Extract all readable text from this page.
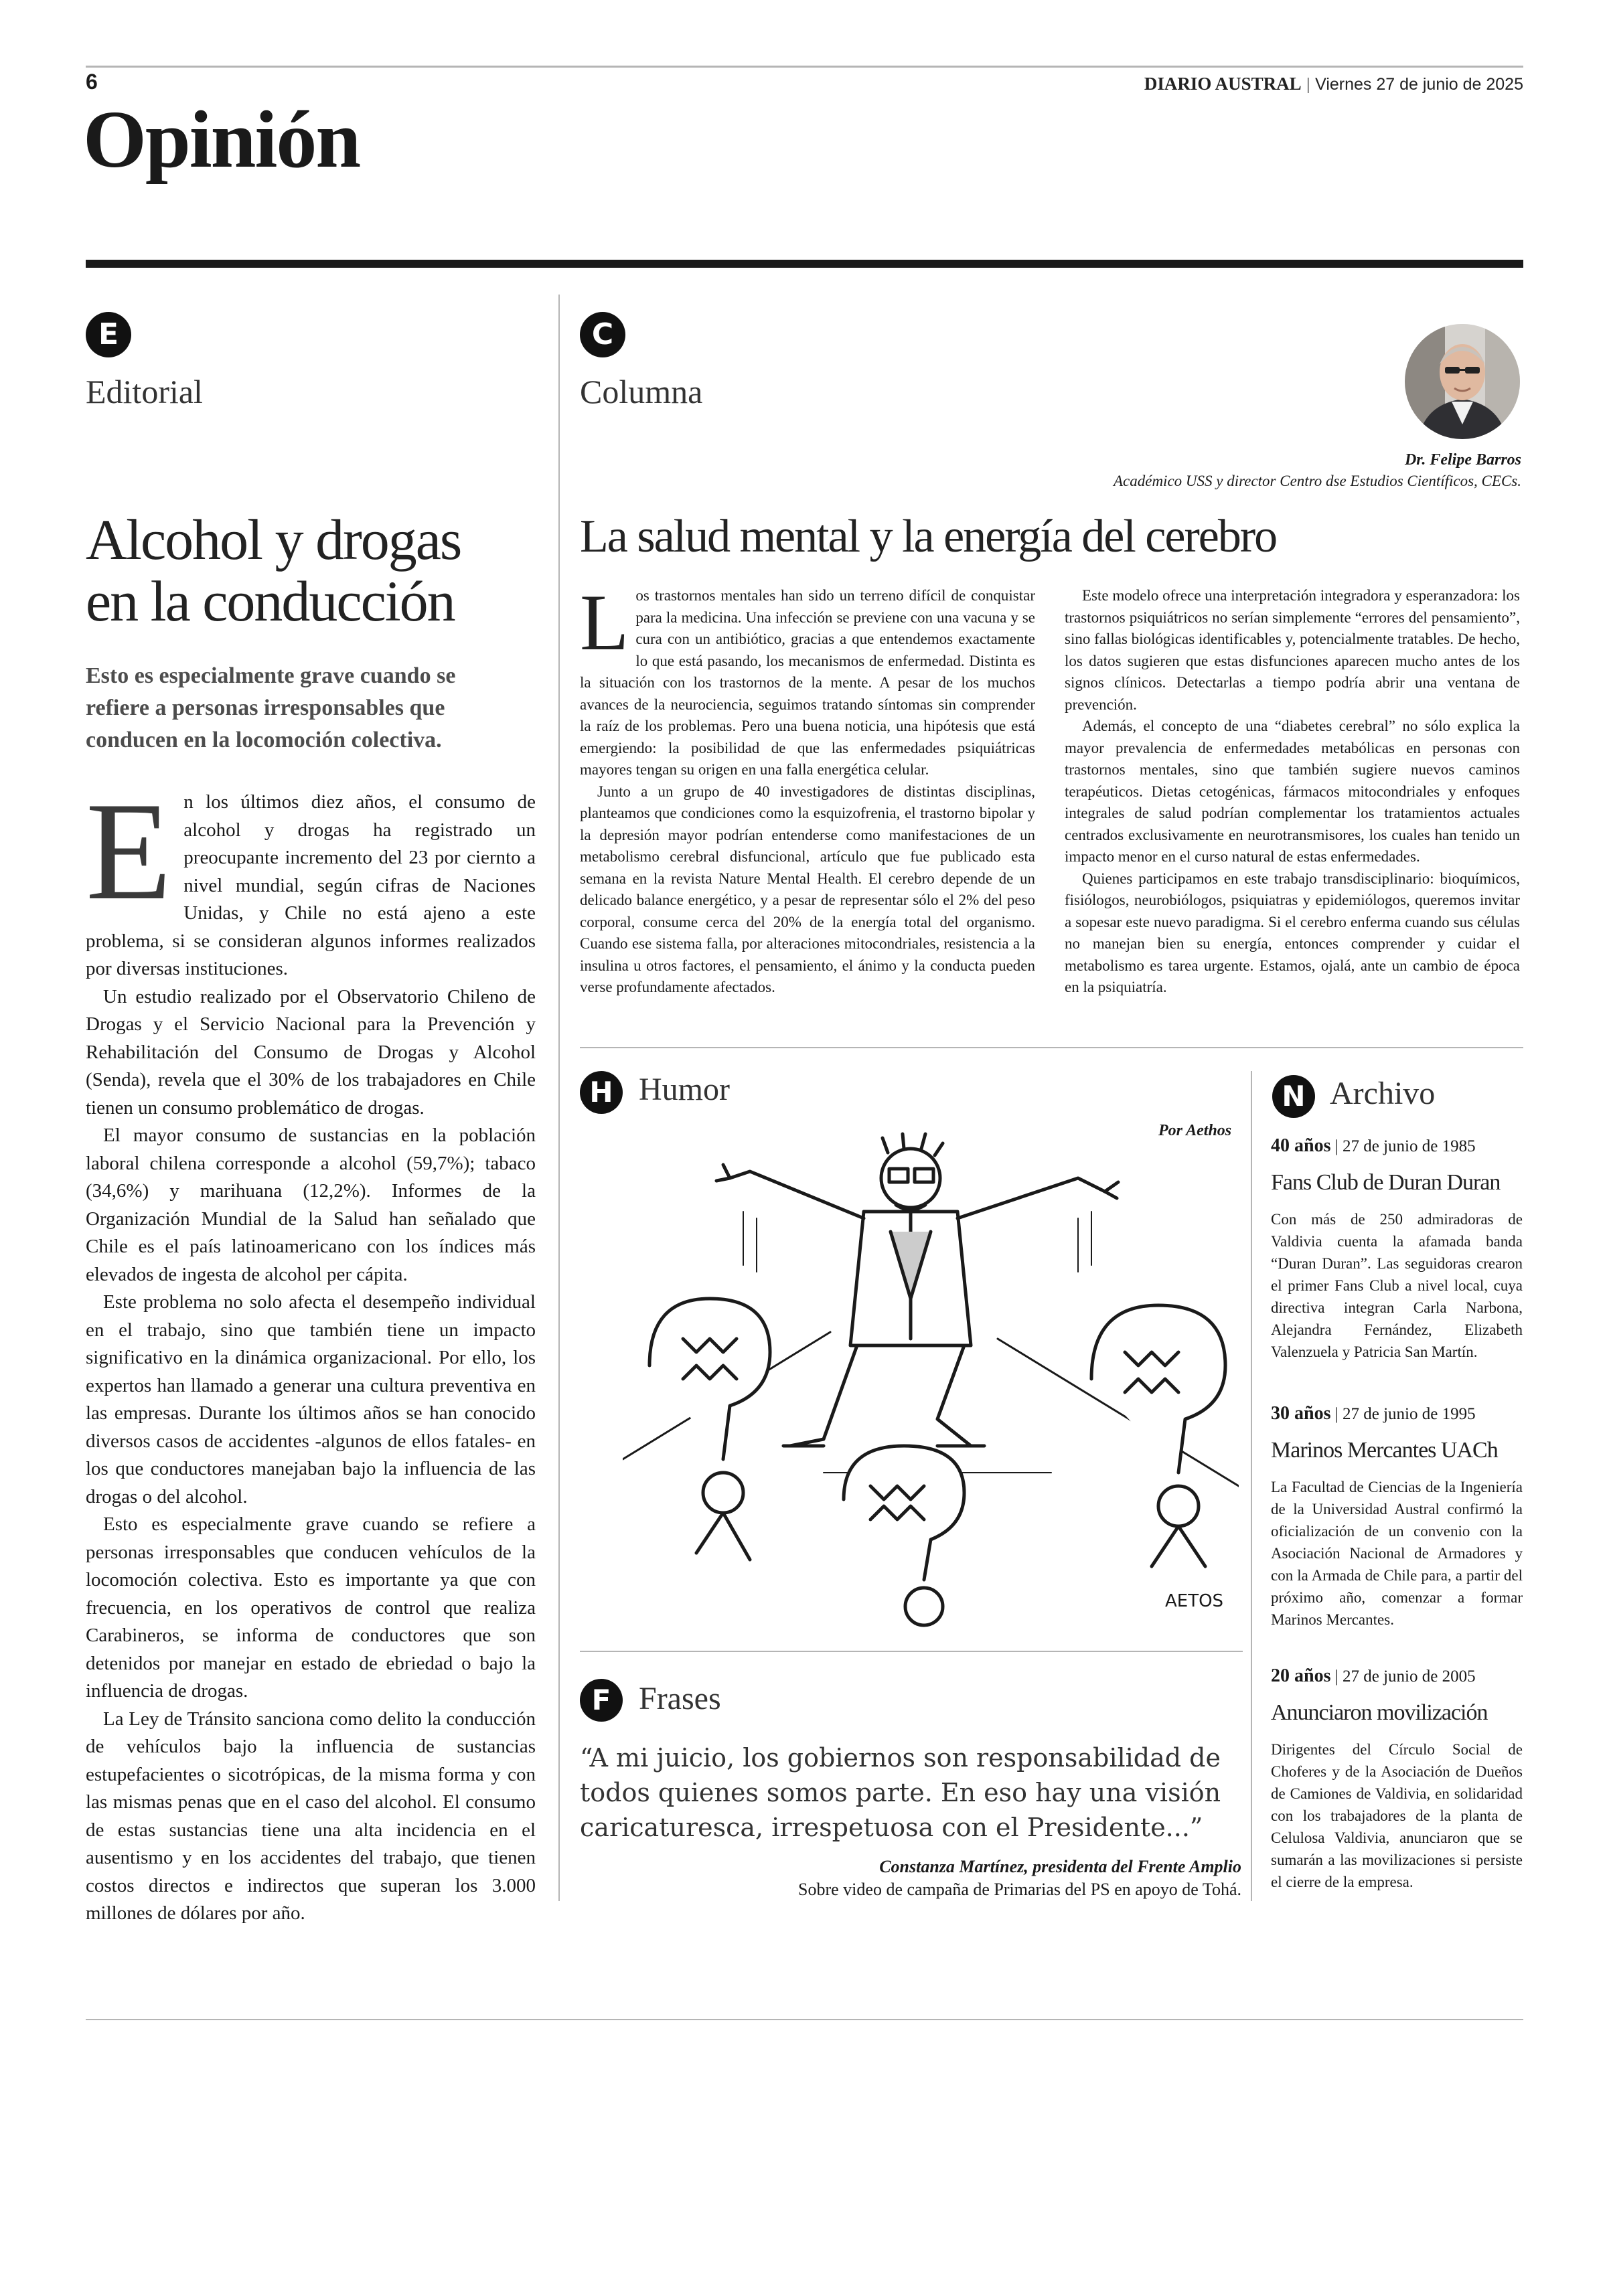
6	DIARIO AUSTRAL | Viernes 27 de junio de 2025
Opinión
E
Editorial
Alcohol y drogas
en la conducción
Esto es especialmente grave cuando se refiere a personas irresponsables que conducen en la locomoción colectiva.
E n los últimos diez años, el consumo de alcohol y drogas ha registrado un preocupante incremento del 23 por ciernto a nivel mundial, según cifras de Naciones Unidas, y Chile no está ajeno a este problema, si se consideran algunos informes realizados por diversas instituciones.

Un estudio realizado por el Observatorio Chileno de Drogas y el Servicio Nacional para la Prevención y Rehabilitación del Consumo de Drogas y Alcohol (Senda), revela que el 30% de los trabajadores en Chile tienen un consumo problemático de drogas.

El mayor consumo de sustancias en la población laboral chilena corresponde a alcohol (59,7%); tabaco (34,6%) y marihuana (12,2%). Informes de la Organización Mundial de la Salud han señalado que Chile es el país latinoamericano con los índices más elevados de ingesta de alcohol per cápita.

Este problema no solo afecta el desempeño individual en el trabajo, sino que también tiene un impacto significativo en la dinámica organizacional. Por ello, los expertos han llamado a generar una cultura preventiva en las empresas. Durante los últimos años se han conocido diversos casos de accidentes -algunos de ellos fatales- en los que conductores manejaban bajo la influencia de las drogas o del alcohol.

Esto es especialmente grave cuando se refiere a personas irresponsables que conducen vehículos de la locomoción colectiva. Esto es importante ya que con frecuencia, en los operativos de control que realiza Carabineros, se informa de conductores que son detenidos por manejar en estado de ebriedad o bajo la influencia de drogas.

La Ley de Tránsito sanciona como delito la conducción de vehículos bajo la influencia de sustancias estupefacientes o sicotrópicas, de la misma forma y con las mismas penas que en el caso del alcohol. El consumo de estas sustancias tiene una alta incidencia en el ausentismo y en los accidentes del trabajo, que tienen costos directos e indirectos que superan los 3.000 millones de dólares por año.

C
Columna
Dr. Felipe Barros
Académico USS y director Centro dse Estudios Científicos, CECs.
La salud mental y la energía del cerebro
L os trastornos mentales han sido un terreno difícil de conquistar para la medicina. Una infección se previene con una vacuna y se cura con un antibiótico, gracias a que entendemos exactamente lo que está pasando, los mecanismos de enfermedad. Distinta es la situación con los trastornos de la mente. A pesar de los muchos avances de la neurociencia, seguimos tratando síntomas sin comprender la raíz de los problemas. Pero una buena noticia, una hipótesis que está emergiendo: la posibilidad de que las enfermedades psiquiátricas mayores tengan su origen en una falla energética celular.

Junto a un grupo de 40 investigadores de distintas disciplinas, planteamos que condiciones como la esquizofrenia, el trastorno bipolar y la depresión mayor podrían entenderse como manifestaciones de un metabolismo cerebral disfuncional, artículo que fue publicado esta semana en la revista Nature Mental Health. El cerebro depende de un delicado balance energético, y a pesar de representar sólo el 2% del peso corporal, consume cerca del 20% de la energía total del organismo. Cuando ese sistema falla, por alteraciones mitocondriales, resistencia a la insulina u otros factores, el pensamiento, el ánimo y la conducta pueden verse profundamente afectados.

Este modelo ofrece una interpretación integradora y esperanzadora: los trastornos psiquiátricos no serían simplemente “errores del pensamiento”, sino fallas biológicas identificables y, potencialmente tratables. De hecho, los datos sugieren que estas disfunciones aparecen mucho antes de los signos clínicos. Detectarlas a tiempo podría abrir una ventana de prevención.

Además, el concepto de una “diabetes cerebral” no sólo explica la mayor prevalencia de enfermedades metabólicas en personas con trastornos mentales, sino que también sugiere nuevos caminos terapéuticos. Dietas cetogénicas, fármacos mitocondriales y enfoques integrales de salud podrían complementar los tratamientos actuales centrados exclusivamente en neurotransmisores, los cuales han tenido un impacto menor en el curso natural de estas enfermedades.

Quienes participamos en este trabajo transdisciplinario: bioquímicos, fisiólogos, neurobiólogos, psiquiatras y epidemiólogos, queremos invitar a sopesar este nuevo paradigma. Si el cerebro enferma cuando sus células no manejan bien su energía, entonces comprender y cuidar el metabolismo es tarea urgente. Estamos, ojalá, ante un cambio de época en la psiquiatría.

H Humor
Por Aethos
AETOS
F Frases
“A mi juicio, los gobiernos son responsabilidad de todos quienes somos parte. En eso hay una visión caricaturesca, irrespetuosa con el Presidente...”
Constanza Martínez, presidenta del Frente Amplio
Sobre video de campaña de Primarias del PS en apoyo de Tohá.
N Archivo
40 años | 27 de junio de 1985
Fans Club de Duran Duran
Con más de 250 admiradoras de Valdivia cuenta la afamada banda “Duran Duran”. Las seguidoras crearon el primer Fans Club a nivel local, cuya directiva integran Carla Narbona, Alejandra Fernández, Elizabeth Valenzuela y Patricia San Martín.
30 años | 27 de junio de 1995
Marinos Mercantes UACh
La Facultad de Ciencias de la Ingeniería de la Universidad Austral confirmó la oficialización de un convenio con la Asociación Nacional de Armadores y con la Armada de Chile para, a partir del próximo año, comenzar a formar Marinos Mercantes.
20 años | 27 de junio de 2005
Anunciaron movilización
Dirigentes del Círculo Social de Choferes y de la Asociación de Dueños de Camiones de Valdivia, en solidaridad con los trabajadores de la planta de Celulosa Valdivia, anunciaron que se sumarán a las movilizaciones si persiste el cierre de la empresa.
